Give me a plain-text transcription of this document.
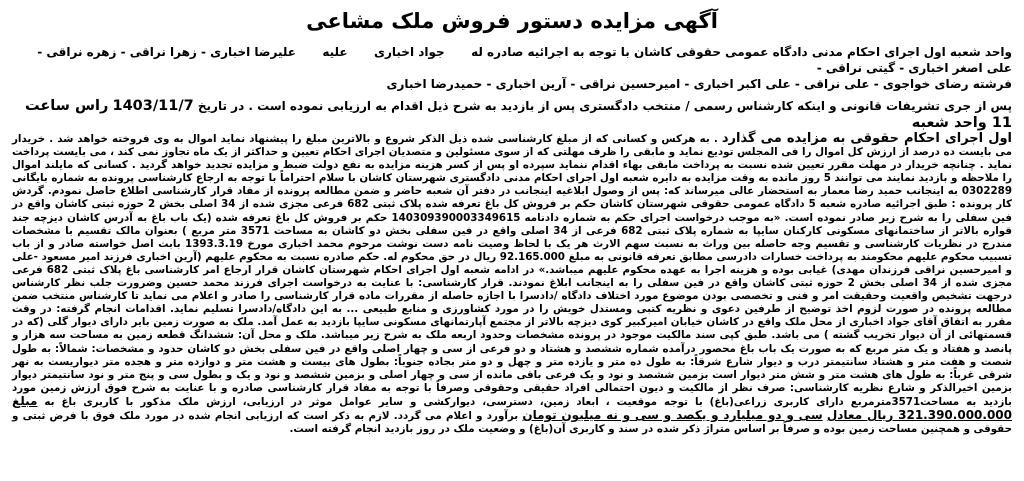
آگهی مزایده دستور فروش ملک مشاعی

واحد شعبه اول اجرای احکام مدنی دادگاه عمومی حقوقی کاشان با توجه به اجرائیه صادره له  جواد اخباری  علیه  علیرضا اخباری - زهرا نراقی - زهره نراقی - علی اصغر اخباری - گیتی نراقی -

فرشته رضای خواجوی - علی نراقی - علی اکبر اخباری - امیرحسین نراقی - آرین اخباری - حمیدرضا اخباری

پس از جری تشریفات قانونی و اینکه کارشناس رسمی / منتخب دادگستری پس از بازدید به شرح ذیل اقدام به ارزیابی نموده است . در تاریخ 1403/11/7 راس ساعت 11 واحد شعبه

اول اجرای احکام حقوقی به مزایده می گذارد . به هرکس و کسانی که از مبلغ کارشناسی شده ذیل الذکر شروع و بالاترین مبلغ را پیشنهاد نماید اموال به وی فروخته خواهد شد . خریدار می بایست ده درصد از ارزش کل اموال را فی المجلس تودیع نماید و مابقی را ظرف مهلتی که از سوی مسئولین و متصدیان اجرای احکام تعیین و حداکثر از یک ماه تجاوز نمی کند ، می بایست پرداخت نماید . چنانچه خریدار در مهلت مقرر تعیین شده نسبت به پرداخت مابقی بهاء اقدام ننماید سپرده او پس از کسر هزینه مزایده به نفع دولت ضبط و مزایده تجدید خواهد گردید . کسانی که مایلند اموال را ملاحظه و بازدید نمایند می توانند 5 روز مانده به وقت مزایده به دایره شعبه اول اجرای احکام مدنی دادگستری شهرستان کاشان با سلام احتراماً با توجه به ارجاع کارشناسی پرونده به شماره بایگانی 0302289 به اینجانب حمید رضا معمار به استحضار عالی میرساند که: پس از وصول ابلاغیه اینجانب در دفتر آن شعبه حاضر و ضمن مطالعه پرونده از مفاد قرار کارشناسی اطلاع حاصل نمودم. گردش کار پرونده : طبق اجرائیه صادره شعبه 5 دادگاه عمومی حقوقی شهرستان کاشان حکم بر فروش کل باغ تعرفه شده پلاک ثبتی 682 فرعی مجزی شده از 34 اصلی بخش 2 حوزه ثبتی کاشان واقع در فین سفلی را به شرح زیر صادر نموده است. «به موجب درخواست اجرای حکم به شماره دادنامه 140309390003349615 حکم بر فروش کل باغ تعرفه شده (یک باب باغ به آدرس کاشان دیزچه جند قواره بالاتر از ساختمانهای مسکونی کارکنان سایپا به شماره پلاک ثبتی 682 فرعی از 34 اصلی واقع در فین سفلی بخش دو کاشان به مساحت 3571 متر مربع ) بعنوان مالک تقسیم با مشخصات مندرج در نظریات کارشناسی و تقسیم وجه حاصله بین وراث به نسبت سهم الارث هر یک با لحاظ وصیت نامه دست نوشت مرحوم محمد اخباری مورخ 1393.3.19 بابت اصل خواسته صادر و از باب تسبیب محکوم علیهم محکومند به پرداخت خسارات دادرسی مطابق تعرفه قانونی به مبلغ 92.165.000 ریال در حق محکوم له. حکم صادره نسبت به محکوم علیهم (آرین اخباری فرزند امیر مسعود -علی و امیرحسین نراقی فرزندان مهدی) غیابی بوده و هزینه اجرا به عهده محکوم علیهم میباشد.» در ادامه شعبه اول اجرای احکام شهرستان کاشان قرار ارجاع امر کارشناسی باغ پلاک ثبتی 682 فرعی مجزی شده از 34 اصلی بخش 2 حوزه ثبتی کاشان واقع در فین سفلی را به اینجانب ابلاغ نمودند. قرار کارشناسی: با عنایت به درخواست اجرای فرزند محمد حسین وضرورت جلب نظر کارشناس درجهت تشخیص واقعیت وحقیقت امر و فنی و تخصصی بودن موضوع مورد اختلاف دادگاه /دادسرا با اجازه حاصله از مقررات ماده قرار کارشناسی را صادر و اعلام می نماید تا کارشناس منتخب ضمن مطالعه پرونده در صورت لزوم اخذ توضیح از طرفین دعوی و نظریه کتبی ومستدل خویش را در مورد کشاورزی و منابع طبیعی ... به این دادگاه/دادسرا تسلیم نماید. اقدامات انجام گرفته: در وقت مقرر به اتفاق آقای جواد اخباری از محل ملک واقع در کاشان خیابان امیرکبیر کوی دیزچه بالاتر از مجتمع آپارتمانهای مسکونی سایپا بازدید به عمل آمد. ملک به صورت زمین بایر دارای دیوار گلی (که در قسمتهائی از آن دیوار تخریب گشته ) می باشد. طبق کپی سند مالکیت موجود در پرونده مشخصات وحدود اربعه ملک به شرح زیر میباشد. ملک و محل آن: ششدانگ قطعه زمین به مساحت سه هزار و پانصد و هفتاد و یک متر مربع که به صورت یک باب باغ محصور درآمده شماره ششصد و هشتاد و دو فرعی از سی و چهار اصلی واقع در فین سفلی بخش دو کاشان حدود و مشخصات: شمالاً: به طول شصت و هفت متر و هشتاد سانتیمتر درب و دیوار شارع شرقاً: به طول ده متر و یازده متر و چهل و دو متر بجاده جنوباً: بطول های بیست و هشت متر و دوازده متر و هجده متر دیواریست به نهر شرقی غرباً: به طول های هشت متر و شش متر دیوار است بزمین ششصد و نود و یک فرعی باقی مانده از سی و چهار اصلی و بزمین ششصد و نود و یک و بطول سی و پنج متر و نود سانتیمتر دیوار بزمین اخیرالذکر و شارع نظریه کارشناسی: صرف نظر از مالکیت و دیون احتمالی افراد حقیقی وحقوقی وصرفاً با توجه به مفاد قرار کارشناسی صادره و با عنایت به شرح فوق ارزش زمین مورد بازدید به مساحت3571مترمربع دارای کاربری زراعی(باغ) با توجه موقعیت ، ابعاد زمین، دسترسی، دیوارکشی و سایر عوامل موثر در ارزیابی، ارزش ملک مذکور با کاربری باغ به مبلغ 321.390.000.000 ریال معادل سی و دو میلیارد و یکصد و سی و نه میلیون تومان برآورد و اعلام می گردد. لازم به ذکر است که ارزیابی انجام شده در مورد ملک فوق با فرض ثبتی و حقوقی و همچنین مساحت زمین بوده و صرفاً بر اساس متراژ ذکر شده در سند و کاربری آن(باغ) و وضعیت ملک در روز بازدید انجام گرفته است.
